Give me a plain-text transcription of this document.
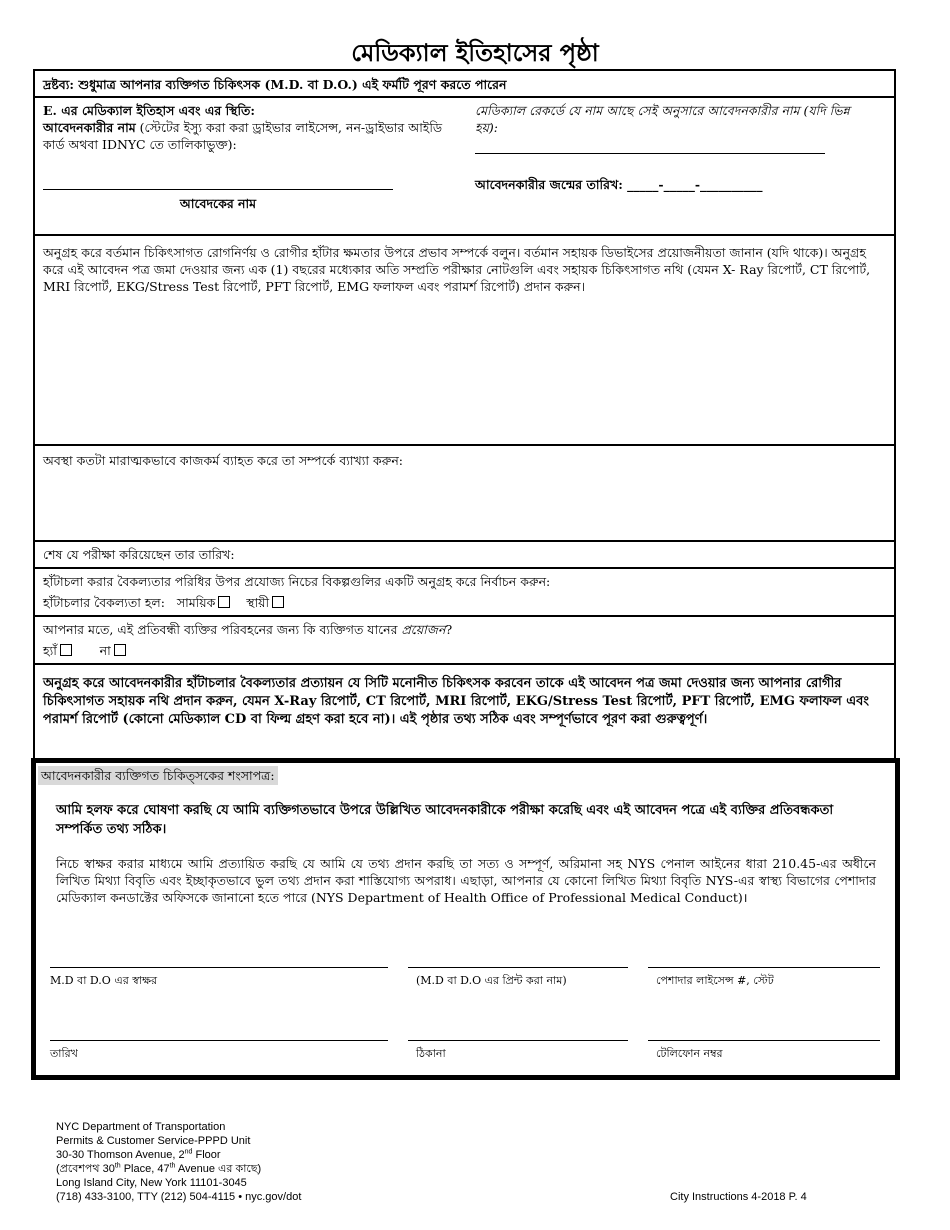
মেডিক্যাল ইতিহাসের পৃষ্ঠা
দ্রষ্টব্য: শুধুমাত্র আপনার ব্যক্তিগত চিকিৎসক (M.D. বা D.O.) এই ফর্মটি পূরণ করতে পারেন
E. এর মেডিক্যাল ইতিহাস এবং এর স্থিতি:
আবেদনকারীর নাম (স্টেটের ইস্যু করা করা ড্রাইভার লাইসেন্স, নন-ড্রাইভার আইডি কার্ড অথবা IDNYC তে তালিকাভুক্ত):
আবেদকের নাম
মেডিক্যাল রেকর্ডে যে নাম আছে সেই অনুসারে আবেদনকারীর নাম (যদি ভিন্ন হয়):
আবেদনকারীর জন্মের তারিখ: _____-_____-__________
অনুগ্রহ করে বর্তমান চিকিৎসাগত রোগনির্ণয় ও রোগীর হাঁটার ক্ষমতার উপরে প্রভাব সম্পর্কে বলুন। বর্তমান সহায়ক ডিভাইসের প্রয়োজনীয়তা জানান (যদি থাকে)। অনুগ্রহ করে এই আবেদন পত্র জমা দেওয়ার জন্য এক (1) বছরের মধ্যেকার অতি সম্প্রতি পরীক্ষার নোটগুলি এবং সহায়ক চিকিৎসাগত নথি (যেমন X- Ray রিপোর্ট, CT রিপোর্ট, MRI রিপোর্ট, EKG/Stress Test রিপোর্ট, PFT রিপোর্ট, EMG ফলাফল এবং পরামর্শ রিপোর্ট) প্রদান করুন।
অবস্থা কতটা মারাত্মকভাবে কাজকর্ম ব্যাহত করে তা সম্পর্কে ব্যাখ্যা করুন:
শেষ যে পরীক্ষা করিয়েছেন তার তারিখ:
হাঁটাচলা করার বৈকল্যতার পরিধির উপর প্রযোজ্য নিচের বিকল্পগুলির একটি অনুগ্রহ করে নির্বাচন করুন:
হাঁটাচলার বৈকল্যতা হল: সাময়িক স্থায়ী
আপনার মতে, এই প্রতিবন্ধী ব্যক্তির পরিবহনের জন্য কি ব্যক্তিগত যানের প্রয়োজন?
হ্যাঁ	না
অনুগ্রহ করে আবেদনকারীর হাঁটাচলার বৈকল্যতার প্রত্যায়ন যে সিটি মনোনীত চিকিৎসক করবেন তাকে এই আবেদন পত্র জমা দেওয়ার জন্য আপনার রোগীর চিকিৎসাগত সহায়ক নথি প্রদান করুন, যেমন X-Ray রিপোর্ট, CT রিপোর্ট, MRI রিপোর্ট, EKG/Stress Test রিপোর্ট, PFT রিপোর্ট, EMG ফলাফল এবং পরামর্শ রিপোর্ট (কোনো মেডিক্যাল CD বা ফিল্ম গ্রহণ করা হবে না)। এই পৃষ্ঠার তথ্য সঠিক এবং সম্পূর্ণভাবে পূরণ করা গুরুত্বপূর্ণ।
আবেদনকারীর ব্যক্তিগত চিকিত্সকের শংসাপত্র:
আমি হলফ করে ঘোষণা করছি যে আমি ব্যক্তিগতভাবে উপরে উল্লিখিত আবেদনকারীকে পরীক্ষা করেছি এবং এই আবেদন পত্রে এই ব্যক্তির প্রতিবন্ধকতা সম্পর্কিত তথ্য সঠিক।
নিচে স্বাক্ষর করার মাধ্যমে আমি প্রত্যায়িত করছি যে আমি যে তথ্য প্রদান করছি তা সত্য ও সম্পূর্ণ, অরিমানা সহ NYS পেনাল আইনের ধারা 210.45-এর অধীনে লিখিত মিথ্যা বিবৃতি এবং ইচ্ছাকৃতভাবে ভুল তথ্য প্রদান করা শাস্তিযোগ্য অপরাধ। এছাড়া, আপনার যে কোনো লিখিত মিথ্যা বিবৃতি NYS-এর স্বাস্থ্য বিভাগের পেশাদার মেডিক্যাল কনডাক্টের অফিসকে জানানো হতে পারে (NYS Department of Health Office of Professional Medical Conduct)।
M.D বা D.O এর স্বাক্ষর	(M.D বা D.O এর প্রিন্ট করা নাম)	পেশাদার লাইসেন্স #, স্টেট
তারিখ	ঠিকানা	টেলিফোন নম্বর
NYC Department of Transportation
Permits & Customer Service-PPPD Unit
30-30 Thomson Avenue, 2nd Floor
(প্রবেশপথ 30th Place, 47th Avenue এর কাছে)
Long Island City, New York 11101-3045
(718) 433-3100, TTY (212) 504-4115 • nyc.gov/dot	City Instructions 4-2018 P. 4
